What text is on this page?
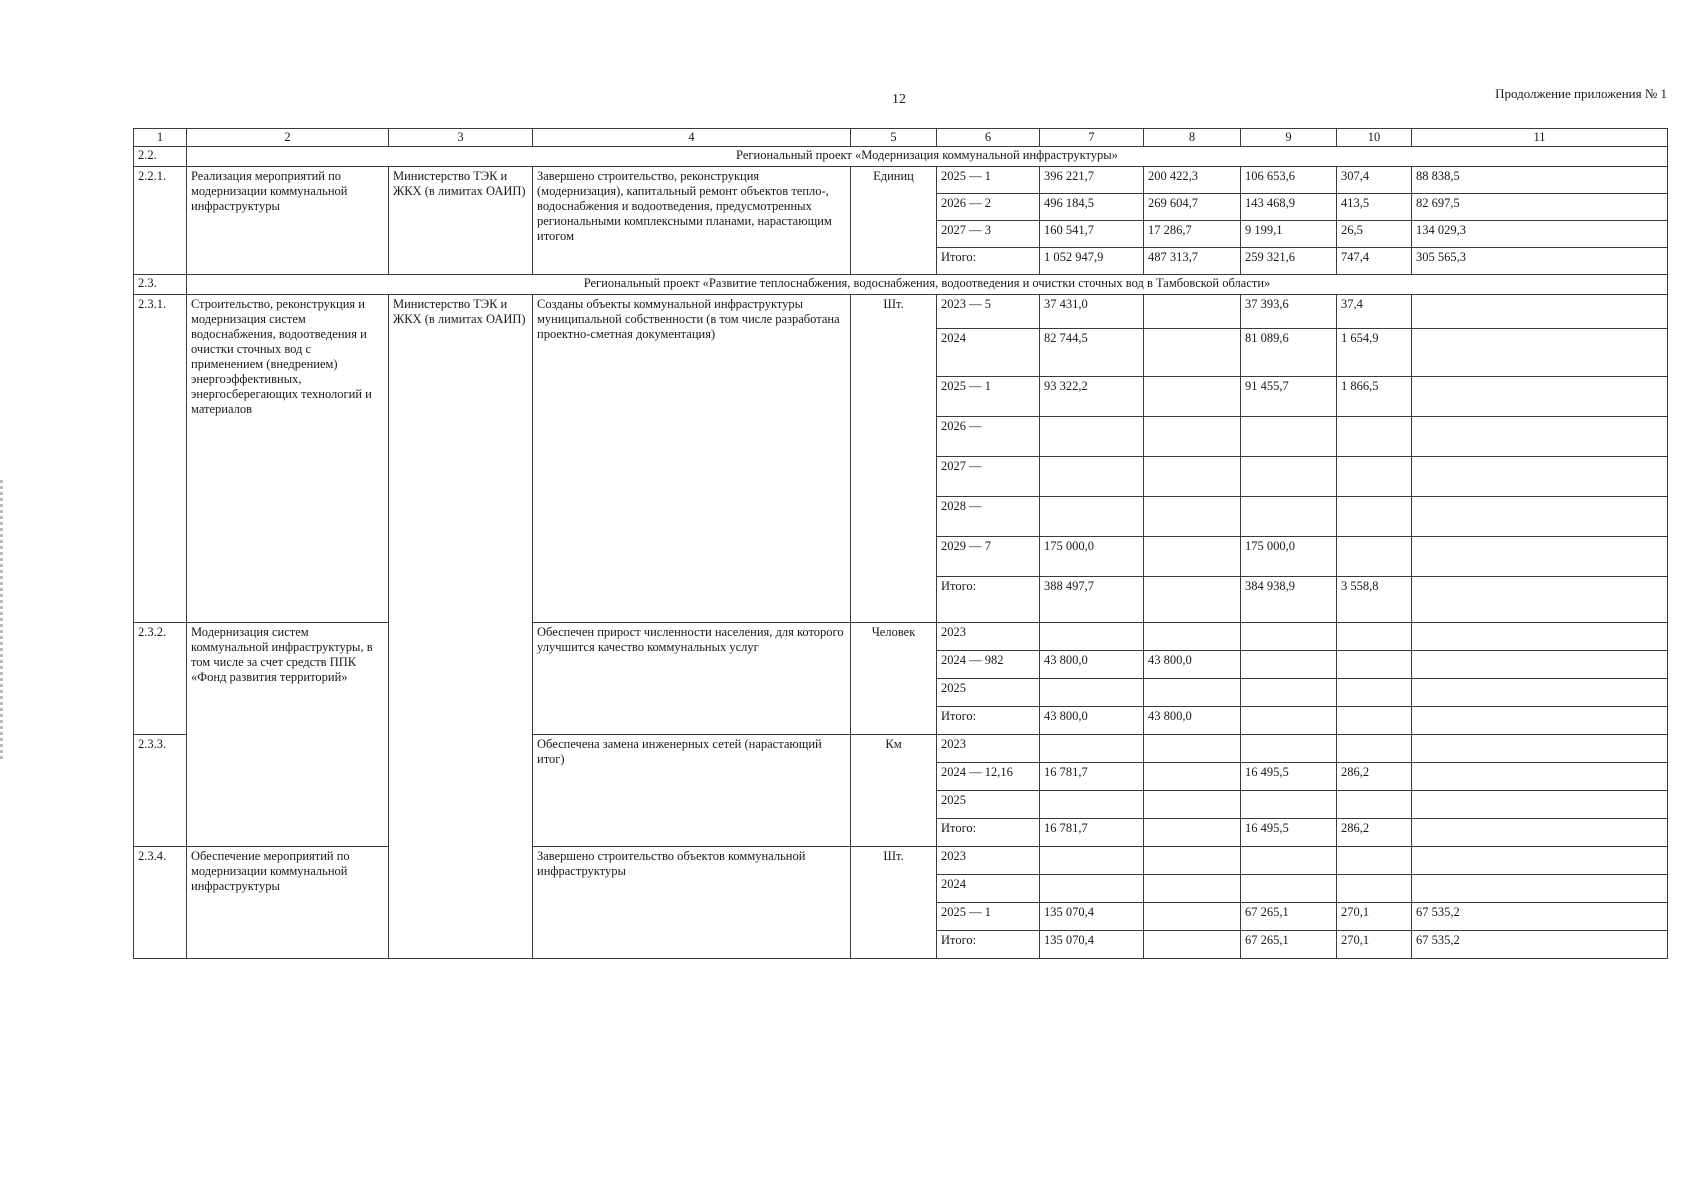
12	Продолжение приложения № 1
1	2	3	4	5	6	7	8	9	10	11
2.2.	Региональный проект «Модернизация коммунальной инфраструктуры»									
2.2.1.	Реализация мероприятий по модернизации коммунальной инфраструктуры	Министерство ТЭК и ЖКХ (в лимитах ОАИП)	Завершено строительство, реконструкция (модернизация), капитальный ремонт объектов тепло-, водоснабжения и водоотведения, предусмотренных региональными комплексными планами, нарастающим итогом	Единиц	2025 — 1	396 221,7	200 422,3	106 653,6	307,4	88 838,5
					2026 — 2	496 184,5	269 604,7	143 468,9	413,5	82 697,5
					2027 — 3	160 541,7	17 286,7	9 199,1	26,5	134 029,3
					Итого:	1 052 947,9	487 313,7	259 321,6	747,4	305 565,3
2.3.	Региональный проект «Развитие теплоснабжения, водоснабжения, водоотведения и очистки сточных вод в Тамбовской области»									
2.3.1.	Строительство, реконструкция и модернизация систем водоснабжения, водоотведения и очистки сточных вод с применением (внедрением) энергоэффективных, энергосберегающих технологий и материалов	Министерство ТЭК и ЖКХ (в лимитах ОАИП)	Созданы объекты коммунальной инфраструктуры муниципальной собственности (в том числе разработана проектно-сметная документация)	Шт.	2023 — 5	37 431,0		37 393,6	37,4	
					2024	82 744,5		81 089,6	1 654,9	
					2025 — 1	93 322,2		91 455,7	1 866,5	
					2026 —					
					2027 —					
					2028 —					
					2029 — 7	175 000,0		175 000,0		
					Итого:	388 497,7		384 938,9	3 558,8	
2.3.2.	Модернизация систем коммунальной инфраструктуры, в том числе за счет средств ППК «Фонд развития территорий»		Обеспечен прирост численности населения, для которого улучшится качество коммунальных услуг	Человек	2023					
					2024 — 982	43 800,0	43 800,0			
					2025					
					Итого:	43 800,0	43 800,0			
2.3.3.			Обеспечена замена инженерных сетей (нарастающий итог)	Км	2023					
					2024 — 12,16	16 781,7		16 495,5	286,2	
					2025					
					Итого:	16 781,7		16 495,5	286,2	
2.3.4.	Обеспечение мероприятий по модернизации коммунальной инфраструктуры		Завершено строительство объектов коммунальной инфраструктуры	Шт.	2023					
					2024					
					2025 — 1	135 070,4		67 265,1	270,1	67 535,2
					Итого:	135 070,4		67 265,1	270,1	67 535,2
